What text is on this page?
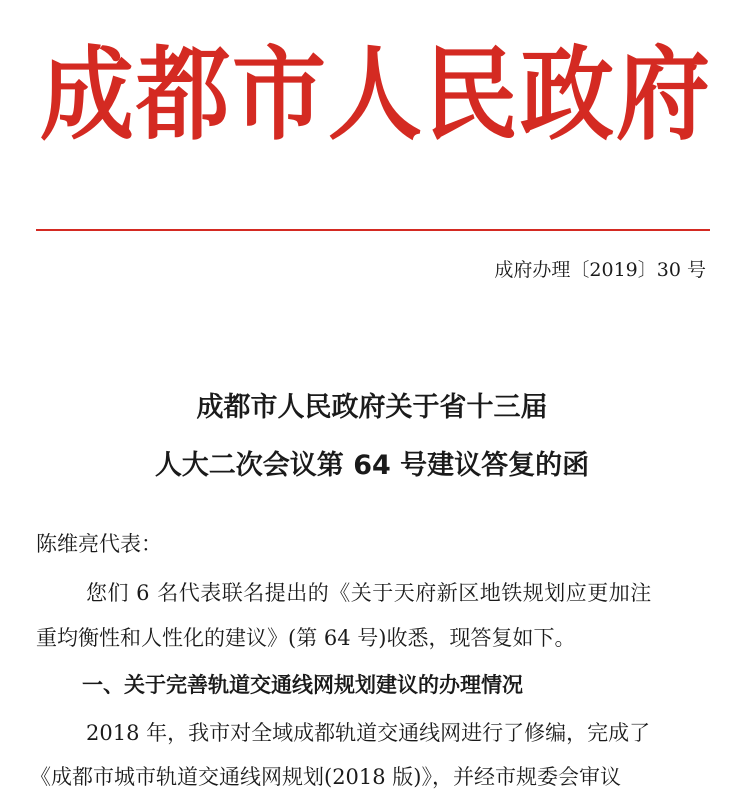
成都市人民政府
成府办理〔2019〕30 号
成都市人民政府关于省十三届
人大二次会议第 64 号建议答复的函
陈维亮代表：
您们 6 名代表联名提出的《关于天府新区地铁规划应更加注
重均衡性和人性化的建议》(第 64 号)收悉，现答复如下。
一、关于完善轨道交通线网规划建议的办理情况
2018 年，我市对全域成都轨道交通线网进行了修编，完成了
《成都市城市轨道交通线网规划(2018 版)》，并经市规委会审议
